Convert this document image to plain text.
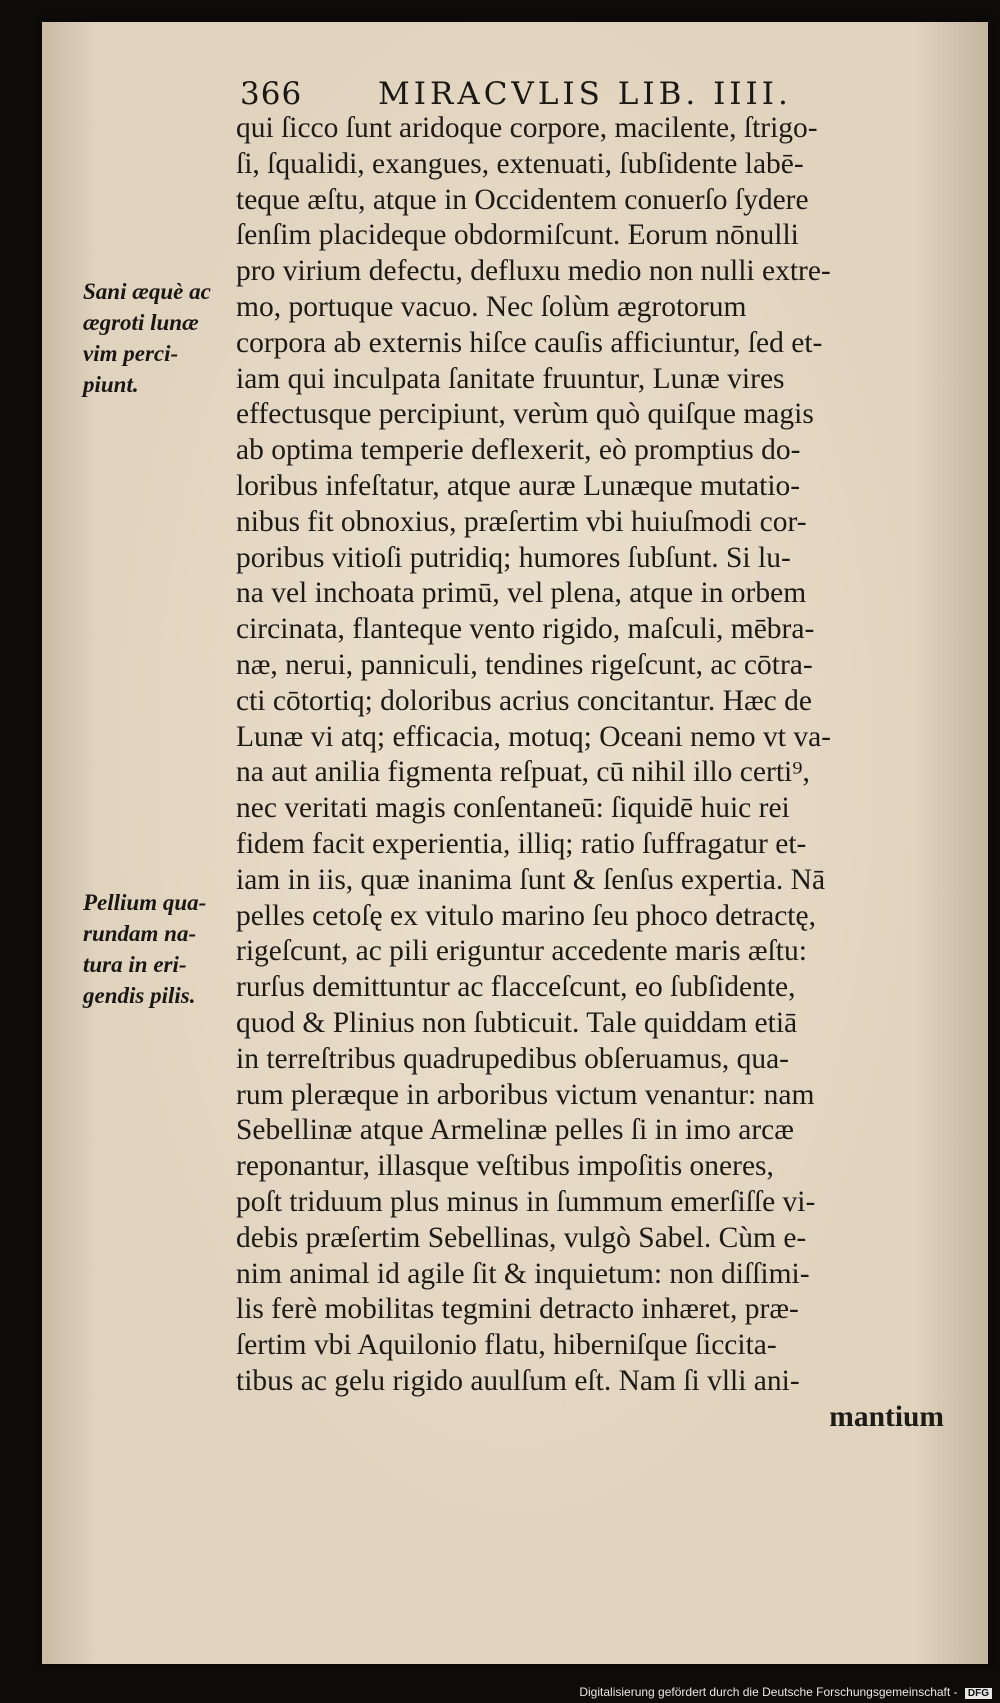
366 MIRACVLIS LIB. IIII.
Sani æquè ac
ægroti lunæ
vim perci-
piunt.
Pellium qua-
rundam na-
tura in eri-
gendis pilis.
qui ſicco ſunt aridoque corpore, macilente, ſtrigo-
ſi, ſqualidi, exangues, extenuati, ſubſidente labē-
teque æſtu, atque in Occidentem conuerſo ſydere
ſenſim placideque obdormiſcunt. Eorum nōnulli
pro virium defectu, defluxu medio non nulli extre-
mo, portuque vacuo. Nec ſolùm ægrotorum
corpora ab externis hiſce cauſis afficiuntur, ſed et-
iam qui inculpata ſanitate fruuntur, Lunæ vires
effectusque percipiunt, verùm quò quiſque magis
ab optima temperie deflexerit, eò promptius do-
loribus infeſtatur, atque auræ Lunæque mutatio-
nibus fit obnoxius, præſertim vbi huiuſmodi cor-
poribus vitioſi putridiq; humores ſubſunt. Si lu-
na vel inchoata primū, vel plena, atque in orbem
circinata, flanteque vento rigido, maſculi, mēbra-
næ, nerui, panniculi, tendines rigeſcunt, ac cōtra-
cti cōtortiq; doloribus acrius concitantur. Hæc de
Lunæ vi atq; efficacia, motuq; Oceani nemo vt va-
na aut anilia figmenta reſpuat, cū nihil illo certi⁹,
nec veritati magis conſentaneū: ſiquidē huic rei
fidem facit experientia, illiq; ratio ſuffragatur et-
iam in iis, quæ inanima ſunt & ſenſus expertia. Nā
pelles cetoſę ex vitulo marino ſeu phoco detractę,
rigeſcunt, ac pili eriguntur accedente maris æſtu:
rurſus demittuntur ac flacceſcunt, eo ſubſidente,
quod & Plinius non ſubticuit. Tale quiddam etiā
in terreſtribus quadrupedibus obſeruamus, qua-
rum pleræque in arboribus victum venantur: nam
Sebellinæ atque Armelinæ pelles ſi in imo arcæ
reponantur, illasque veſtibus impoſitis oneres,
poſt triduum plus minus in ſummum emerſiſſe vi-
debis præſertim Sebellinas, vulgò Sabel. Cùm e-
nim animal id agile ſit & inquietum: non diſſimi-
lis ferè mobilitas tegmini detracto inhæret, præ-
ſertim vbi Aquilonio flatu, hiberniſque ſiccita-
tibus ac gelu rigido auulſum eſt. Nam ſi vlli ani-
mantium
Digitalisierung gefördert durch die Deutsche Forschungsgemeinschaft - DFG
